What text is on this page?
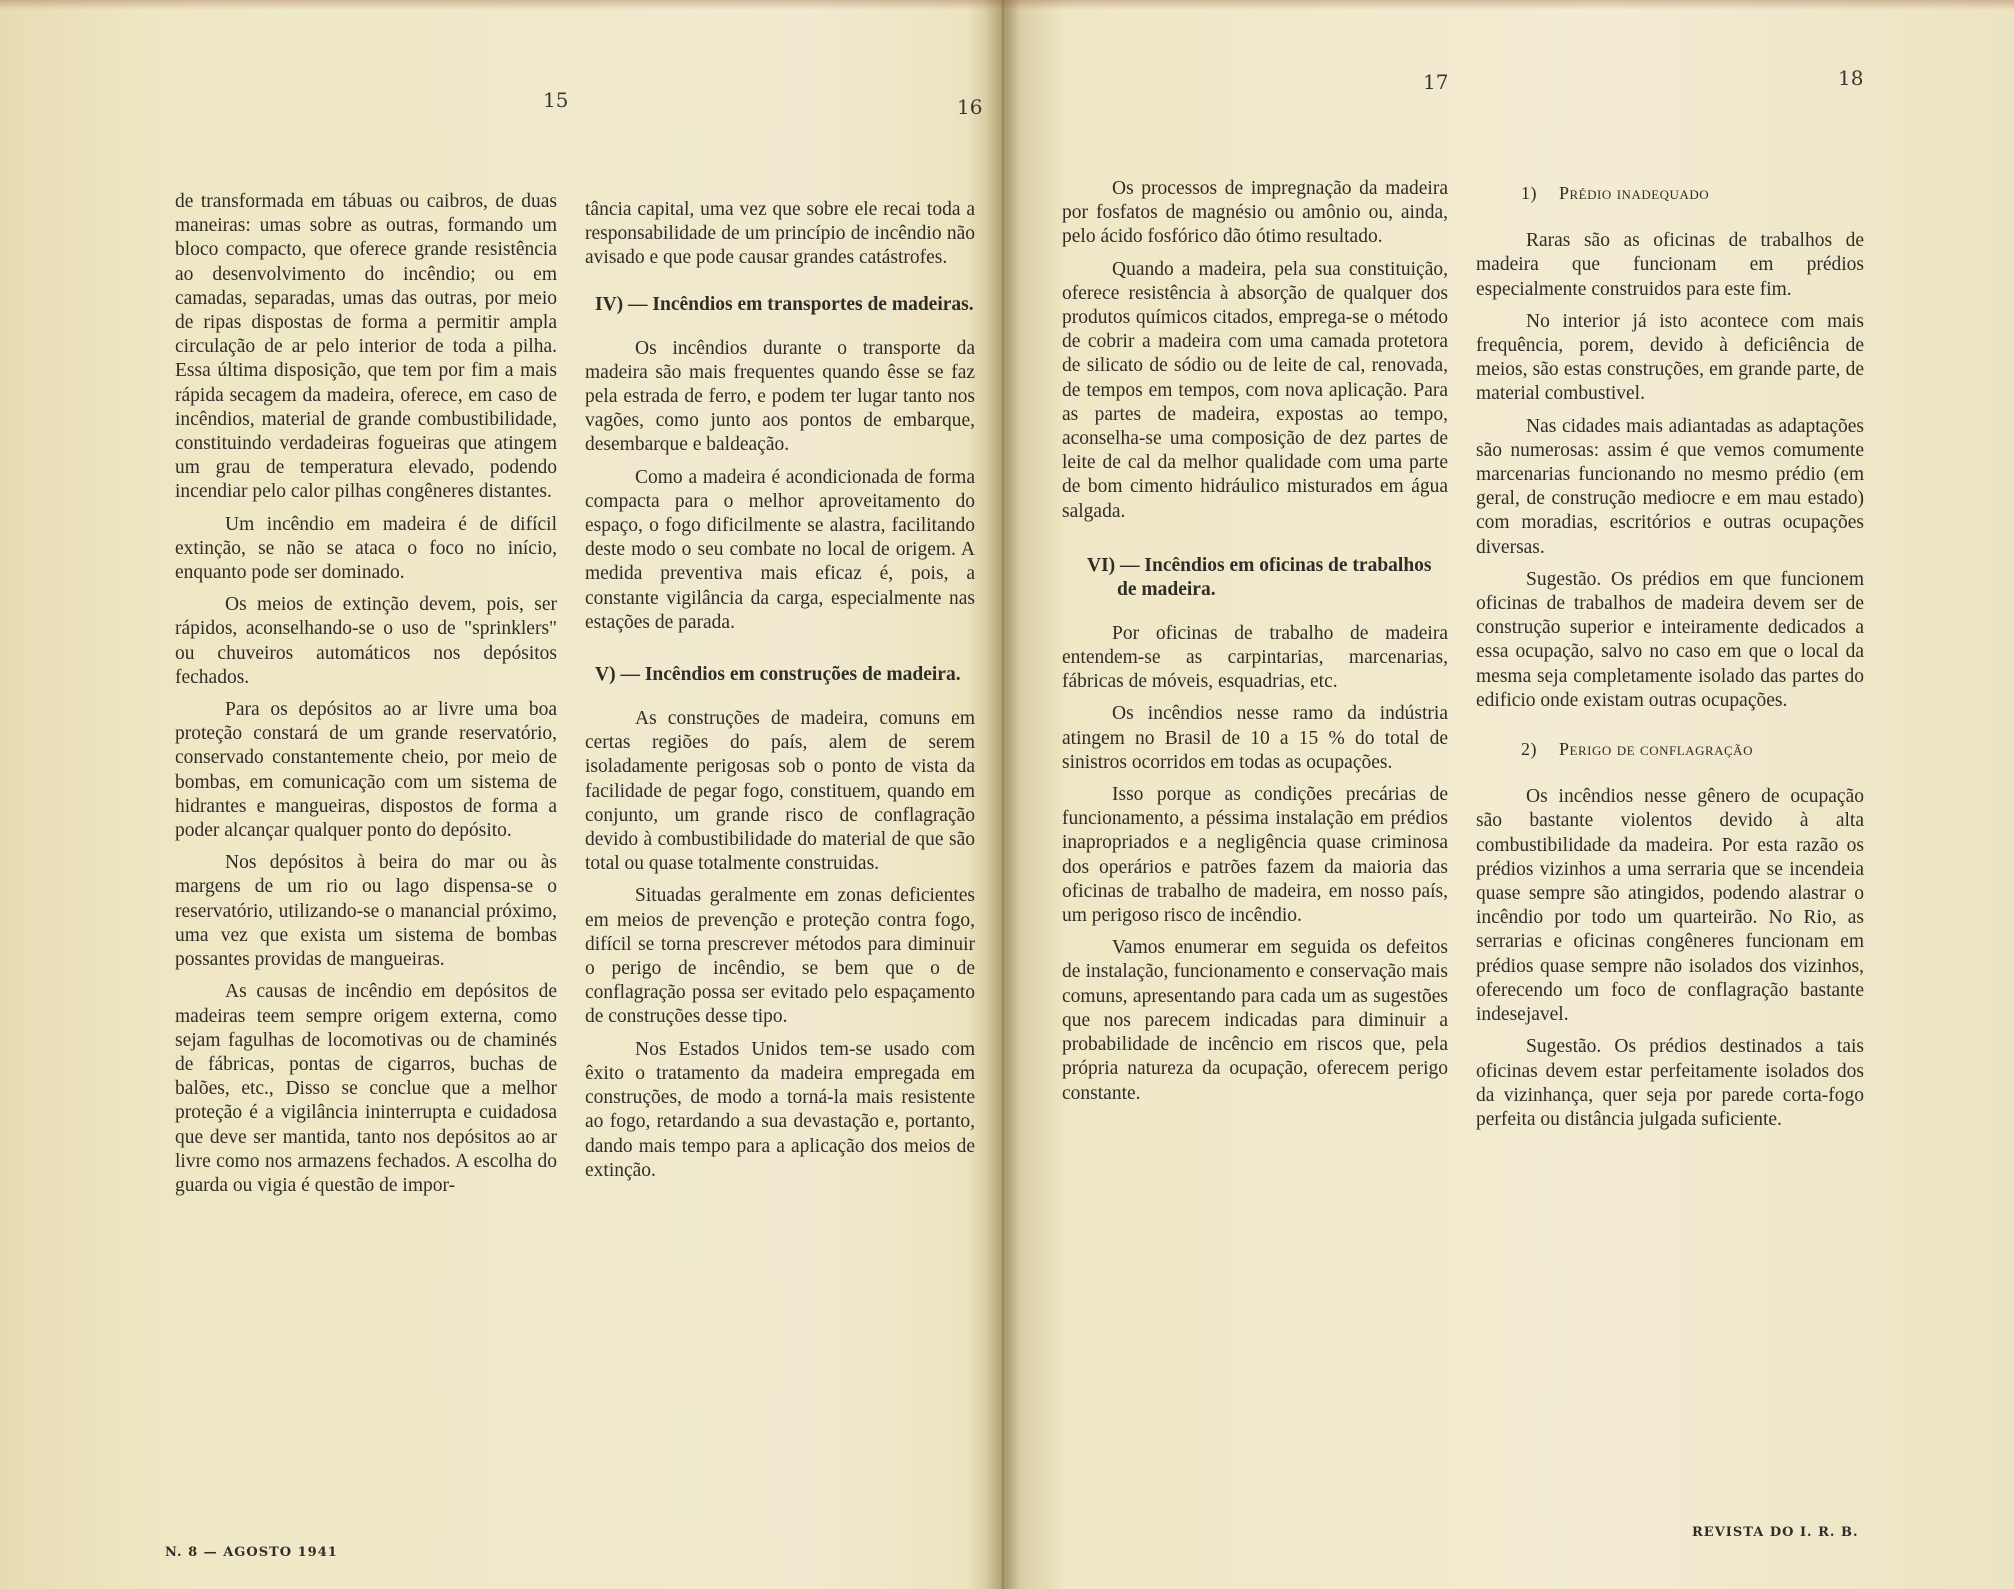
15	16
17	18

de transformada em tábuas ou caibros, de duas maneiras: umas sobre as outras, formando um bloco compacto, que oferece grande resistência ao desenvolvimento do incêndio; ou em camadas, separadas, umas das outras, por meio de ripas dispostas de forma a permitir ampla circulação de ar pelo interior de toda a pilha. Essa última disposição, que tem por fim a mais rápida secagem da madeira, oferece, em caso de incêndios, material de grande combustibilidade, constituindo verdadeiras fogueiras que atingem um grau de temperatura elevado, podendo incendiar pelo calor pilhas congêneres distantes.

Um incêndio em madeira é de difícil extinção, se não se ataca o foco no início, enquanto pode ser dominado.

Os meios de extinção devem, pois, ser rápidos, aconselhando-se o uso de "sprinklers" ou chuveiros automáticos nos depósitos fechados.

Para os depósitos ao ar livre uma boa proteção constará de um grande reservatório, conservado constantemente cheio, por meio de bombas, em comunicação com um sistema de hidrantes e mangueiras, dispostos de forma a poder alcançar qualquer ponto do depósito.

Nos depósitos à beira do mar ou às margens de um rio ou lago dispensa-se o reservatório, utilizando-se o manancial próximo, uma vez que exista um sistema de bombas possantes providas de mangueiras.

As causas de incêndio em depósitos de madeiras teem sempre origem externa, como sejam fagulhas de locomotivas ou de chaminés de fábricas, pontas de cigarros, buchas de balões, etc., Disso se conclue que a melhor proteção é a vigilância ininterrupta e cuidadosa que deve ser mantida, tanto nos depósitos ao ar livre como nos armazens fechados. A escolha do guarda ou vigia é questão de impor-

N. 8 — AGOSTO 1941

tância capital, uma vez que sobre ele recai toda a responsabilidade de um princípio de incêndio não avisado e que pode causar grandes catástrofes.

IV) — Incêndios em transportes de madeiras.

Os incêndios durante o transporte da madeira são mais frequentes quando êsse se faz pela estrada de ferro, e podem ter lugar tanto nos vagões, como junto aos pontos de embarque, desembarque e baldeação.

Como a madeira é acondicionada de forma compacta para o melhor aproveitamento do espaço, o fogo dificilmente se alastra, facilitando deste modo o seu combate no local de origem. A medida preventiva mais eficaz é, pois, a constante vigilância da carga, especialmente nas estações de parada.

V) — Incêndios em construções de madeira.

As construções de madeira, comuns em certas regiões do país, alem de serem isoladamente perigosas sob o ponto de vista da facilidade de pegar fogo, constituem, quando em conjunto, um grande risco de conflagração devido à combustibilidade do material de que são total ou quase totalmente construidas.

Situadas geralmente em zonas deficientes em meios de prevenção e proteção contra fogo, difícil se torna prescrever métodos para diminuir o perigo de incêndio, se bem que o de conflagração possa ser evitado pelo espaçamento de construções desse tipo.

Nos Estados Unidos tem-se usado com êxito o tratamento da madeira empregada em construções, de modo a torná-la mais resistente ao fogo, retardando a sua devastação e, portanto, dando mais tempo para a aplicação dos meios de extinção.

Os processos de impregnação da madeira por fosfatos de magnésio ou amônio ou, ainda, pelo ácido fosfórico dão ótimo resultado.

Quando a madeira, pela sua constituição, oferece resistência à absorção de qualquer dos produtos químicos citados, emprega-se o método de cobrir a madeira com uma camada protetora de silicato de sódio ou de leite de cal, renovada, de tempos em tempos, com nova aplicação. Para as partes de madeira, expostas ao tempo, aconselha-se uma composição de dez partes de leite de cal da melhor qualidade com uma parte de bom cimento hidráulico misturados em água salgada.

VI) — Incêndios em oficinas de trabalhos de madeira.

Por oficinas de trabalho de madeira entendem-se as carpintarias, marcenarias, fábricas de móveis, esquadrias, etc.

Os incêndios nesse ramo da indústria atingem no Brasil de 10 a 15 % do total de sinistros ocorridos em todas as ocupações.

Isso porque as condições precárias de funcionamento, a péssima instalação em prédios inapropriados e a negligência quase criminosa dos operários e patrões fazem da maioria das oficinas de trabalho de madeira, em nosso país, um perigoso risco de incêndio.

Vamos enumerar em seguida os defeitos de instalação, funcionamento e conservação mais comuns, apresentando para cada um as sugestões que nos parecem indicadas para diminuir a probabilidade de incêncio em riscos que, pela própria natureza da ocupação, oferecem perigo constante.

1) Prédio inadequado

Raras são as oficinas de trabalhos de madeira que funcionam em prédios especialmente construidos para este fim.

No interior já isto acontece com mais frequência, porem, devido à deficiência de meios, são estas construções, em grande parte, de material combustivel.

Nas cidades mais adiantadas as adaptações são numerosas: assim é que vemos comumente marcenarias funcionando no mesmo prédio (em geral, de construção mediocre e em mau estado) com moradias, escritórios e outras ocupações diversas.

Sugestão. Os prédios em que funcionem oficinas de trabalhos de madeira devem ser de construção superior e inteiramente dedicados a essa ocupação, salvo no caso em que o local da mesma seja completamente isolado das partes do edificio onde existam outras ocupações.

2) Perigo de conflagração

Os incêndios nesse gênero de ocupação são bastante violentos devido à alta combustibilidade da madeira. Por esta razão os prédios vizinhos a uma serraria que se incendeia quase sempre são atingidos, podendo alastrar o incêndio por todo um quarteirão. No Rio, as serrarias e oficinas congêneres funcionam em prédios quase sempre não isolados dos vizinhos, oferecendo um foco de conflagração bastante indesejavel.

Sugestão. Os prédios destinados a tais oficinas devem estar perfeitamente isolados dos da vizinhança, quer seja por parede corta-fogo perfeita ou distância julgada suficiente.

REVISTA DO I. R. B.
